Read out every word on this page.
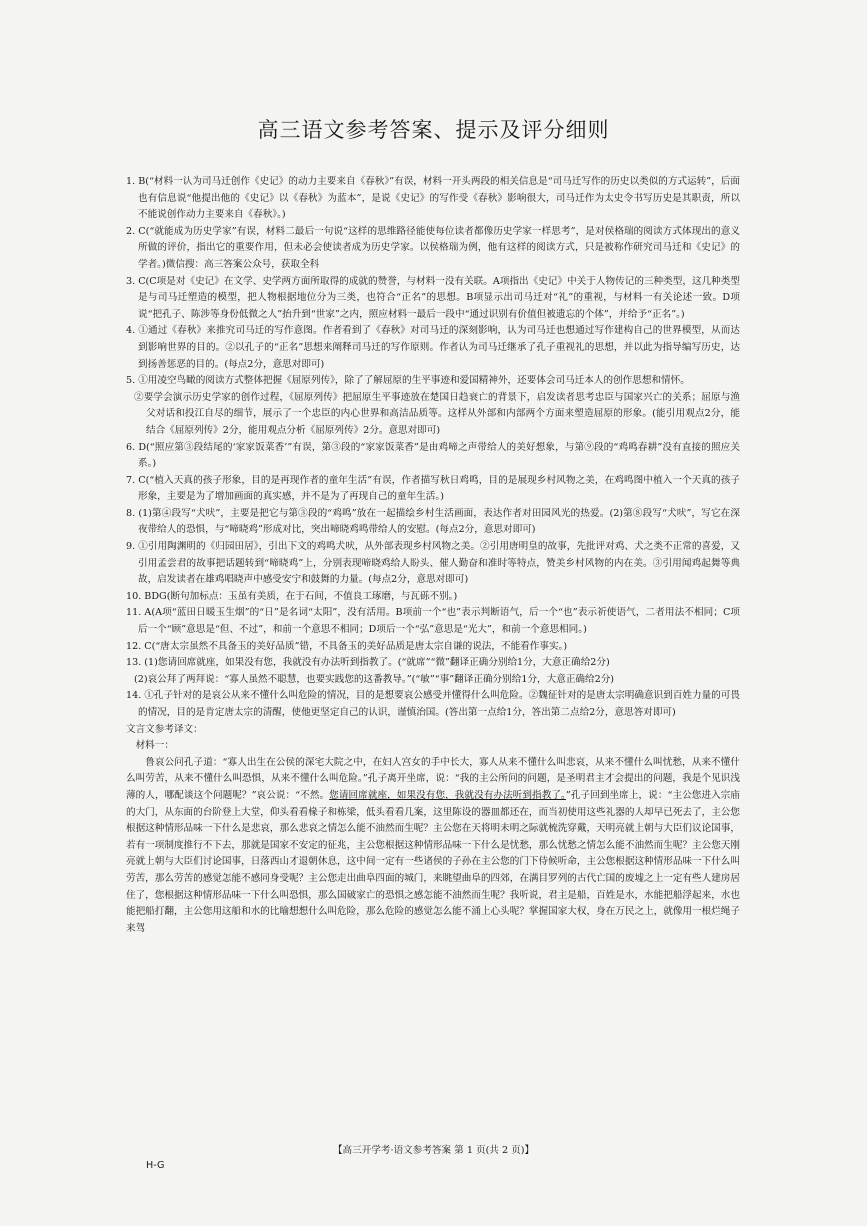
高三语文参考答案、提示及评分细则

1. B(“材料一认为司马迁创作《史记》的动力主要来自《春秋》”有误，材料一开头两段的相关信息是“司马迁写作的历史以类似的方式运转”，后面也有信息说“他提出他的《史记》以《春秋》为蓝本”，是说《史记》的写作受《春秋》影响很大，司马迁作为太史令书写历史是其职责，所以不能说创作动力主要来自《春秋》。)

2. C(“就能成为历史学家”有误，材料二最后一句说“这样的思维路径能使每位读者都像历史学家一样思考”，是对侯格瑞的阅读方式体现出的意义所做的评价，指出它的重要作用，但未必会使读者成为历史学家。以侯格瑞为例，他有这样的阅读方式，只是被称作研究司马迁和《史记》的学者。)微信搜：高三答案公众号，获取全科

3. C(C项是对《史记》在文学、史学两方面所取得的成就的赞誉，与材料一没有关联。A项指出《史记》中关于人物传记的三种类型，这几种类型是与司马迁塑造的模型，把人物根据地位分为三类，也符合“正名”的思想。B项显示出司马迁对“礼”的重视，与材料一有关论述一致。D项说“把孔子、陈涉等身份低微之人”抬升到“世家”之内，照应材料一最后一段中“通过识别有价值但被遗忘的个体”，并给予“正名”。)

4. ①通过《春秋》来推究司马迁的写作意图。作者看到了《春秋》对司马迁的深刻影响，认为司马迁也想通过写作建构自己的世界模型，从而达到影响世界的目的。②以孔子的“正名”思想来阐释司马迁的写作原则。作者认为司马迁继承了孔子重视礼的思想，并以此为指导编写历史，达到扬善惩恶的目的。(每点2分，意思对即可)

5. ①用凌空鸟瞰的阅读方式整体把握《屈原列传》，除了了解屈原的生平事迹和爱国精神外，还要体会司马迁本人的创作思想和情怀。

②要学会演示历史学家的创作过程，《屈原列传》把屈原生平事迹放在楚国日趋衰亡的背景下，启发读者思考忠臣与国家兴亡的关系；屈原与渔父对话和投江自尽的细节，展示了一个忠臣的内心世界和高洁品质等。这样从外部和内部两个方面来塑造屈原的形象。(能引用观点2分，能结合《屈原列传》2分，能用观点分析《屈原列传》2分。意思对即可)

6. D(“照应第③段结尾的‘家家饭菜香’”有误，第③段的“家家饭菜香”是由鸡啼之声带给人的美好想象，与第⑨段的“鸡鸣春耕”没有直接的照应关系。)

7. C(“植入天真的孩子形象，目的是再现作者的童年生活”有误，作者描写秋日鸡鸣，目的是展现乡村风物之美，在鸡鸣图中植入一个天真的孩子形象，主要是为了增加画面的真实感，并不是为了再现自己的童年生活。)

8. (1)第④段写“犬吠”，主要是把它与第③段的“鸡鸣”放在一起描绘乡村生活画面，表达作者对田园风光的热爱。(2)第⑧段写“犬吠”，写它在深夜带给人的恐惧，与“啼晓鸡”形成对比，突出啼晓鸡鸣带给人的安慰。(每点2分，意思对即可)

9. ①引用陶渊明的《归园田居》，引出下文的鸡鸣犬吠，从外部表现乡村风物之美。②引用唐明皇的故事，先批评对鸡、犬之类不正常的喜爱，又引用孟尝君的故事把话题转到“啼晓鸡”上，分别表现啼晓鸡给人盼头、催人勤奋和准时等特点，赞美乡村风物的内在美。③引用闻鸡起舞等典故，启发读者在雄鸡唱晓声中感受安宁和鼓舞的力量。(每点2分，意思对即可)

10. BDG(断句加标点：玉虽有美质，在于石间，不值良工琢磨，与瓦砾不别。)

11. A(A项“蓝田日暖玉生烟”的“日”是名词“太阳”，没有活用。B项前一个“也”表示判断语气，后一个“也”表示祈使语气，二者用法不相同；C项后一个“顾”意思是“但、不过”，和前一个意思不相同；D项后一个“弘”意思是“光大”，和前一个意思相同。)

12. C(“唐太宗虽然不具备玉的美好品质”错，不具备玉的美好品质是唐太宗自谦的说法，不能看作事实。)

13. (1)您请回席就座，如果没有您，我就没有办法听到指教了。(“就席”“微”翻译正确分别给1分，大意正确给2分)

(2)哀公拜了两拜说：“寡人虽然不聪慧，也要实践您的这番教导。”(“敏”“事”翻译正确分别给1分，大意正确给2分)

14. ①孔子针对的是哀公从来不懂什么叫危险的情况，目的是想要哀公感受并懂得什么叫危险。②魏征针对的是唐太宗明确意识到百姓力量的可畏的情况，目的是肯定唐太宗的清醒，使他更坚定自己的认识，谨慎治国。(答出第一点给1分，答出第二点给2分，意思答对即可)

文言文参考译文：

材料一：

鲁哀公问孔子道：“寡人出生在公侯的深宅大院之中，在妇人宫女的手中长大，寡人从来不懂什么叫悲哀，从来不懂什么叫忧愁，从来不懂什么叫劳苦，从来不懂什么叫恐惧，从来不懂什么叫危险。”孔子离开坐席，说：“我的主公所问的问题，是圣明君主才会提出的问题，我是个见识浅薄的人，哪配谈这个问题呢？”哀公说：“不然。您请回席就座，如果没有您，我就没有办法听到指教了。”孔子回到坐席上，说：“主公您进入宗庙的大门，从东面的台阶登上大堂，仰头看看椽子和栋梁，低头看看几案，这里陈设的器皿都还在，而当初使用这些礼器的人却早已死去了，主公您根据这种情形品味一下什么是悲哀，那么悲哀之情怎么能不油然而生呢？主公您在天将明未明之际就梳洗穿戴，天明亮就上朝与大臣们议论国事，若有一项制度推行不下去，那就是国家不安定的征兆，主公您根据这种情形品味一下什么是忧愁，那么忧愁之情怎么能不油然而生呢？主公您天刚亮就上朝与大臣们讨论国事，日落西山才退朝休息，这中间一定有一些诸侯的子孙在主公您的门下侍候听命，主公您根据这种情形品味一下什么叫劳苦，那么劳苦的感觉怎能不感同身受呢？主公您走出曲阜四面的城门，来眺望曲阜的四郊，在满目罗列的古代亡国的废墟之上一定有些人建房居住了，您根据这种情形品味一下什么叫恐惧，那么国破家亡的恐惧之感怎能不油然而生呢？我听说，君主是船，百姓是水，水能把船浮起来，水也能把船打翻，主公您用这船和水的比喻想想什么叫危险，那么危险的感觉怎么能不涌上心头呢？掌握国家大权，身在万民之上，就像用一根烂绳子来驾

【高三开学考·语文参考答案 第 1 页(共 2 页)】
H-G
